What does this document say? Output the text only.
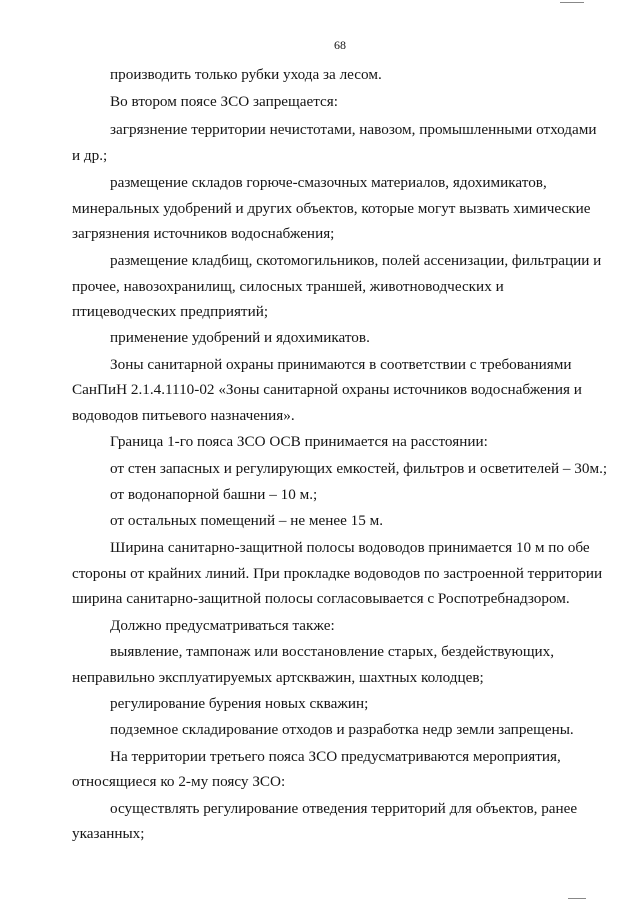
68
производить только рубки ухода за лесом.
Во втором поясе ЗСО запрещается:
загрязнение территории нечистотами, навозом, промышленными отходами
и др.;
размещение складов горюче-смазочных материалов, ядохимикатов,
минеральных удобрений и других объектов, которые могут вызвать химические
загрязнения источников водоснабжения;
размещение кладбищ, скотомогильников, полей ассенизации, фильтрации и
прочее, навозохранилищ, силосных траншей, животноводческих и
птицеводческих предприятий;
применение удобрений и ядохимикатов.
Зоны санитарной охраны принимаются в соответствии с требованиями
СанПиН 2.1.4.1110-02 «Зоны санитарной охраны источников водоснабжения и
водоводов питьевого назначения».
Граница 1-го пояса ЗСО ОСВ принимается на расстоянии:
от стен запасных и регулирующих емкостей, фильтров и осветителей – 30м.;
от водонапорной башни – 10 м.;
от остальных помещений – не менее 15 м.
Ширина санитарно-защитной полосы водоводов принимается 10 м по обе
стороны от крайних линий. При прокладке водоводов по застроенной территории
ширина санитарно-защитной полосы согласовывается с Роспотребнадзором.
Должно предусматриваться также:
выявление, тампонаж или восстановление старых, бездействующих,
неправильно эксплуатируемых артскважин, шахтных колодцев;
регулирование бурения новых скважин;
подземное складирование отходов и разработка недр земли запрещены.
На территории третьего пояса ЗСО предусматриваются мероприятия,
относящиеся ко 2-му поясу ЗСО:
осуществлять регулирование отведения территорий для объектов, ранее
указанных;
